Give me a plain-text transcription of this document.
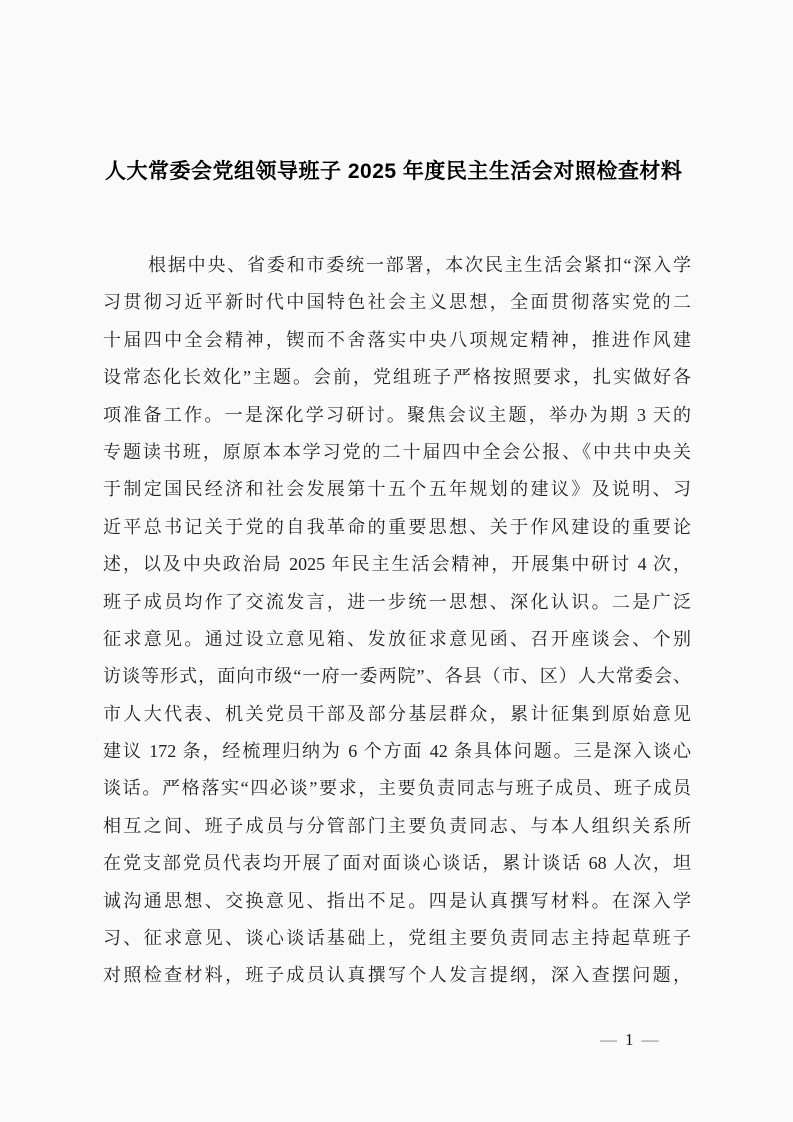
人大常委会党组领导班子 2025 年度民主生活会对照检查材料
根据中央、省委和市委统一部署，本次民主生活会紧扣“深入学
习贯彻习近平新时代中国特色社会主义思想，全面贯彻落实党的二
十届四中全会精神，锲而不舍落实中央八项规定精神，推进作风建
设常态化长效化”主题。会前，党组班子严格按照要求，扎实做好各
项准备工作。一是深化学习研讨。聚焦会议主题，举办为期 3 天的
专题读书班，原原本本学习党的二十届四中全会公报、《中共中央关
于制定国民经济和社会发展第十五个五年规划的建议》及说明、习
近平总书记关于党的自我革命的重要思想、关于作风建设的重要论
述，以及中央政治局 2025 年民主生活会精神，开展集中研讨 4 次，
班子成员均作了交流发言，进一步统一思想、深化认识。二是广泛
征求意见。通过设立意见箱、发放征求意见函、召开座谈会、个别
访谈等形式，面向市级“一府一委两院”、各县（市、区）人大常委会、
市人大代表、机关党员干部及部分基层群众，累计征集到原始意见
建议 172 条，经梳理归纳为 6 个方面 42 条具体问题。三是深入谈心
谈话。严格落实“四必谈”要求，主要负责同志与班子成员、班子成员
相互之间、班子成员与分管部门主要负责同志、与本人组织关系所
在党支部党员代表均开展了面对面谈心谈话，累计谈话 68 人次，坦
诚沟通思想、交换意见、指出不足。四是认真撰写材料。在深入学
习、征求意见、谈心谈话基础上，党组主要负责同志主持起草班子
对照检查材料，班子成员认真撰写个人发言提纲，深入查摆问题，
— 1 —
